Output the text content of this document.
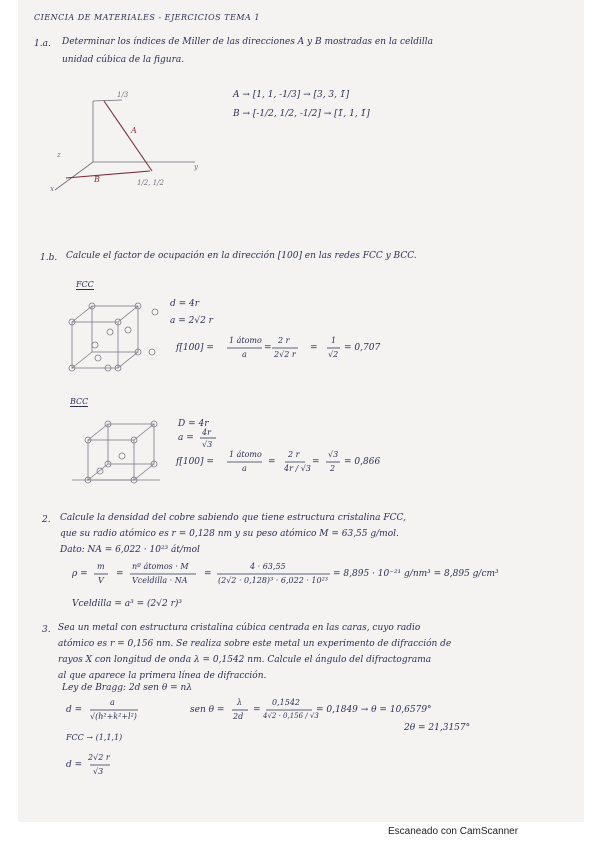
CIENCIA DE MATERIALES - EJERCICIOS TEMA 1
1.a. Determinar los índices de Miller de las direcciones A y B mostradas en la celdilla
unidad cúbica de la figura.
A
B
y
z
x
1/3
1/2, 1/2
A → [1, 1, -1/3] → [3, 3, 1̄]
B → [-1/2, 1/2, -1/2] → [1̄, 1, 1̄]
1.b. Calcule el factor de ocupación en la dirección [100] en las redes FCC y BCC.
FCC
d = 4r
a = 2√2 r
f[100] =
1 átomo
a
=
2 r
2√2 r
=
1
√2
= 0,707
BCC
D = 4r
a =
4r
√3
f[100] =
1 átomo
a
=
2 r
4r / √3
=
√3
2
= 0,866
2. Calcule la densidad del cobre sabiendo que tiene estructura cristalina FCC,
que su radio atómico es r = 0,128 nm y su peso atómico M = 63,55 g/mol.
Dato: NA = 6,022 · 10²³ át/mol
ρ =
m
V
=
nº átomos · M
Vceldilla · NA
=
4 · 63,55
(2√2 · 0,128)³ · 6,022 · 10²³
= 8,895 · 10⁻²¹ g/nm³ = 8,895 g/cm³
Vceldilla = a³ = (2√2 r)³
3. Sea un metal con estructura cristalina cúbica centrada en las caras, cuyo radio
atómico es r = 0,156 nm. Se realiza sobre este metal un experimento de difracción de
rayos X con longitud de onda λ = 0,1542 nm. Calcule el ángulo del difractograma
al que aparece la primera línea de difracción.
Ley de Bragg: 2d sen θ = nλ
d =
a
√(h²+k²+l²)
sen θ =
λ
2d
=
0,1542
4√2 · 0,156 / √3
= 0,1849 → θ = 10,6579°
2θ = 21,3157°
FCC → (1,1,1)
d =
2√2 r
√3
Escaneado con CamScanner
